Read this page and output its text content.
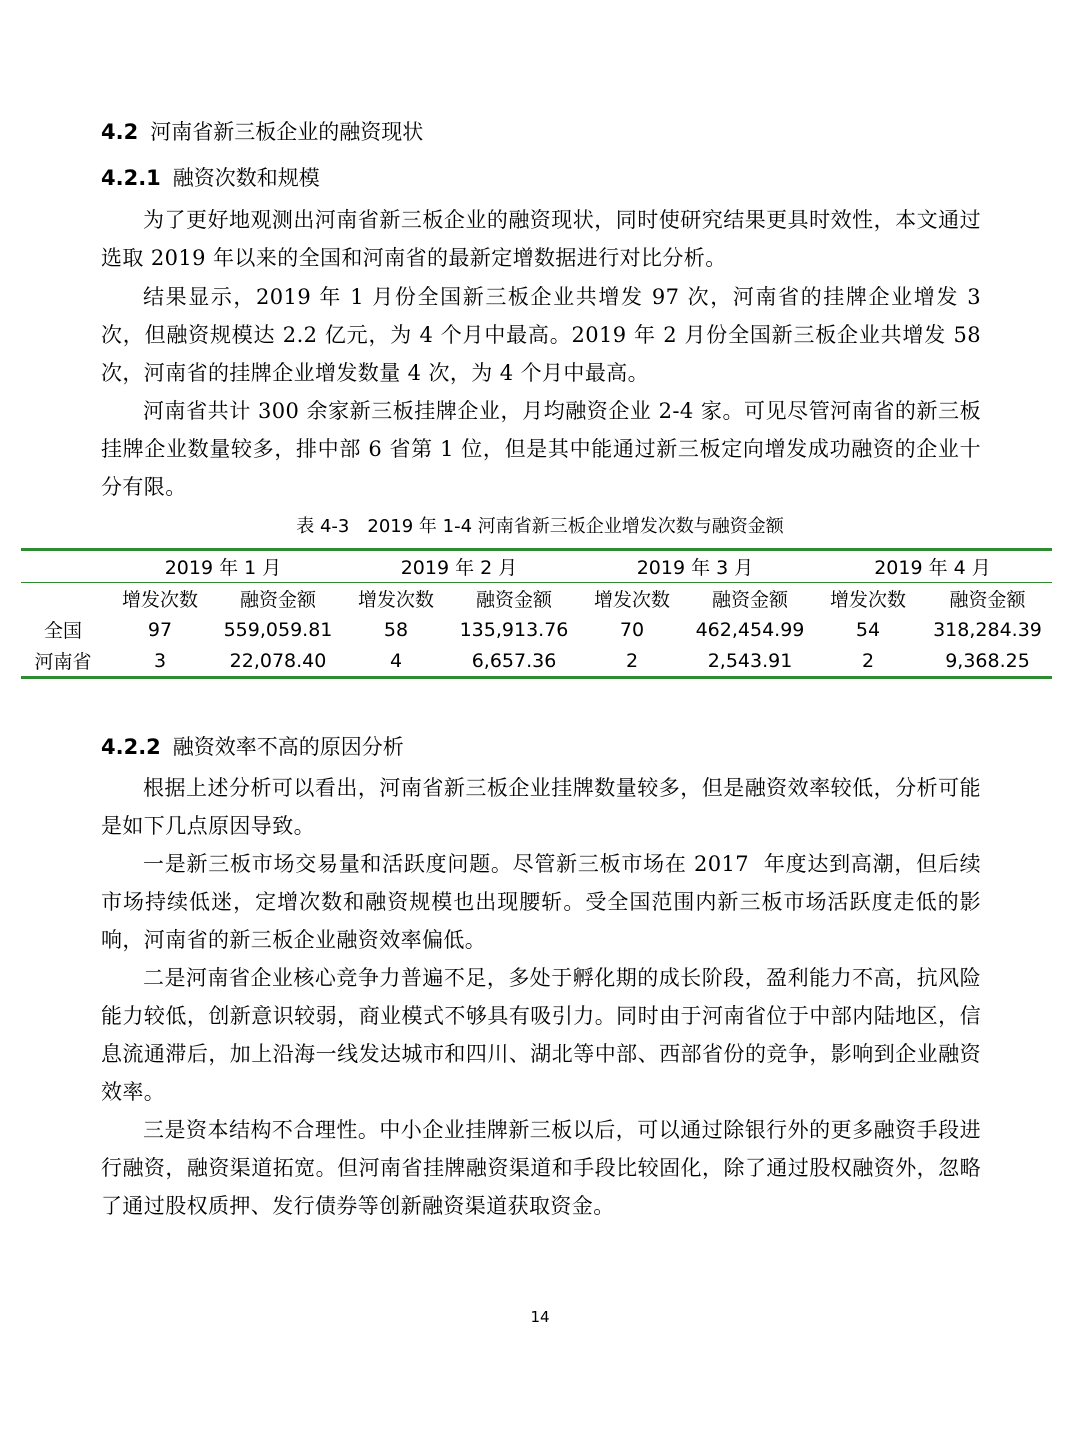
4.2 河南省新三板企业的融资现状
4.2.1 融资次数和规模

为了更好地观测出河南省新三板企业的融资现状，同时使研究结果更具时效性，本文通过选取 2019 年以来的全国和河南省的最新定增数据进行对比分析。

结果显示，2019 年 1 月份全国新三板企业共增发 97 次，河南省的挂牌企业增发 3 次，但融资规模达 2.2 亿元，为 4 个月中最高。2019 年 2 月份全国新三板企业共增发 58 次，河南省的挂牌企业增发数量 4 次，为 4 个月中最高。

河南省共计 300 余家新三板挂牌企业，月均融资企业 2-4 家。可见尽管河南省的新三板挂牌企业数量较多，排中部 6 省第 1 位，但是其中能通过新三板定向增发成功融资的企业十分有限。

表 4-3　2019 年 1-4 河南省新三板企业增发次数与融资金额
	2019 年 1 月		2019 年 2 月		2019 年 3 月		2019 年 4 月	
	增发次数	融资金额	增发次数	融资金额	增发次数	融资金额	增发次数	融资金额
全国	97	559,059.81	58	135,913.76	70	462,454.99	54	318,284.39
河南省	3	22,078.40	4	6,657.36	2	2,543.91	2	9,368.25
4.2.2 融资效率不高的原因分析

根据上述分析可以看出，河南省新三板企业挂牌数量较多，但是融资效率较低，分析可能是如下几点原因导致。

一是新三板市场交易量和活跃度问题。尽管新三板市场在 2017  年度达到高潮，但后续市场持续低迷，定增次数和融资规模也出现腰斩。受全国范围内新三板市场活跃度走低的影响，河南省的新三板企业融资效率偏低。

二是河南省企业核心竞争力普遍不足，多处于孵化期的成长阶段，盈利能力不高，抗风险能力较低，创新意识较弱，商业模式不够具有吸引力。同时由于河南省位于中部内陆地区，信息流通滞后，加上沿海一线发达城市和四川、湖北等中部、西部省份的竞争，影响到企业融资效率。

三是资本结构不合理性。中小企业挂牌新三板以后，可以通过除银行外的更多融资手段进行融资，融资渠道拓宽。但河南省挂牌融资渠道和手段比较固化，除了通过股权融资外，忽略了通过股权质押、发行债券等创新融资渠道获取资金。

14
